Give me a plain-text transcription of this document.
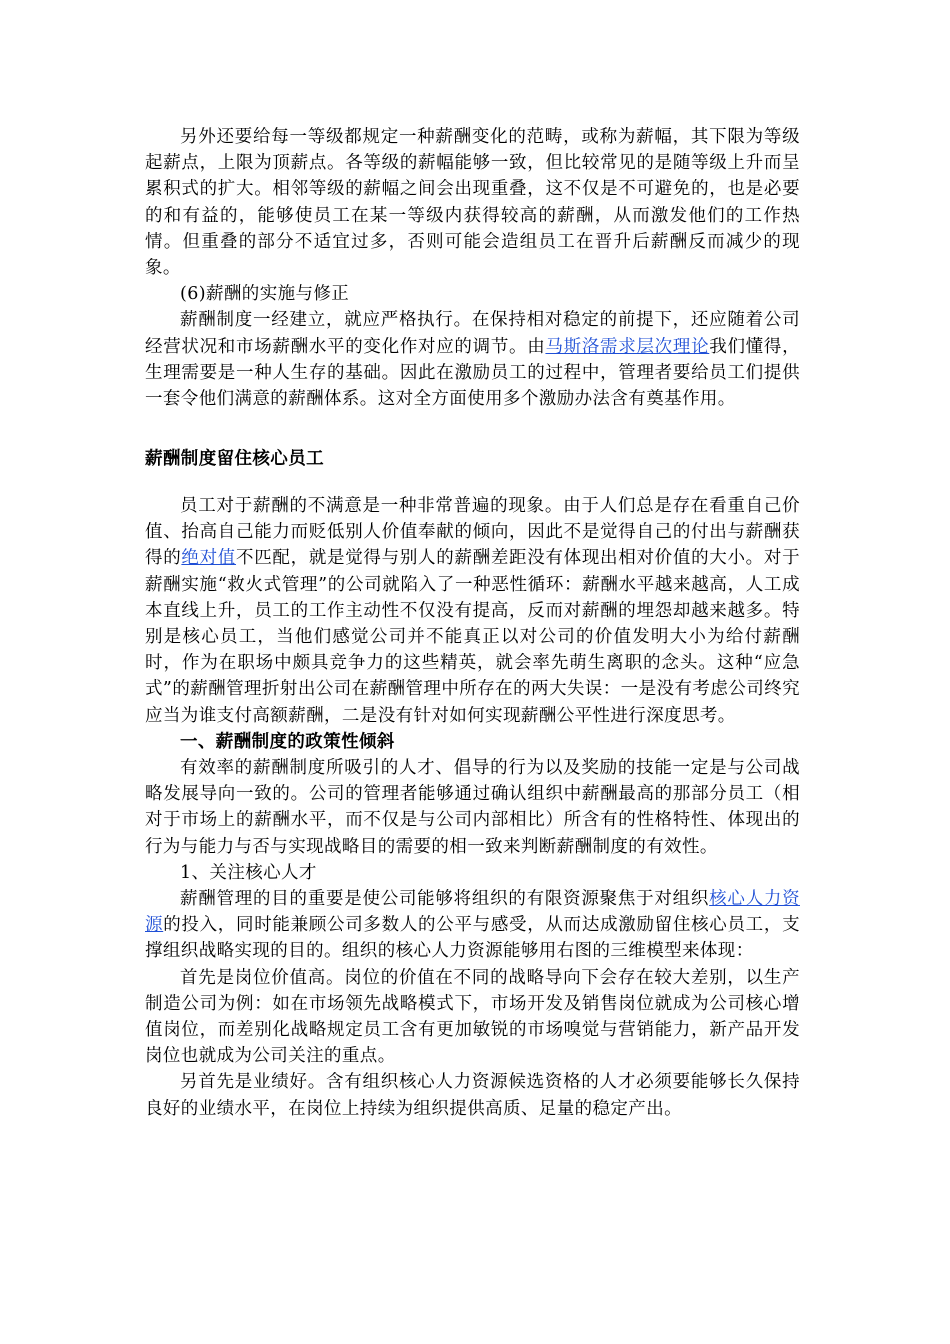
另外还要给每一等级都规定一种薪酬变化的范畴，或称为薪幅，其下限为等级起薪点，上限为顶薪点。各等级的薪幅能够一致，但比较常见的是随等级上升而呈累积式的扩大。相邻等级的薪幅之间会出现重叠，这不仅是不可避免的，也是必要的和有益的，能够使员工在某一等级内获得较高的薪酬，从而激发他们的工作热情。但重叠的部分不适宜过多，否则可能会造组员工在晋升后薪酬反而减少的现象。

(6)薪酬的实施与修正

薪酬制度一经建立，就应严格执行。在保持相对稳定的前提下，还应随着公司经营状况和市场薪酬水平的变化作对应的调节。由马斯洛需求层次理论我们懂得，生理需要是一种人生存的基础。因此在激励员工的过程中，管理者要给员工们提供一套令他们满意的薪酬体系。这对全方面使用多个激励办法含有奠基作用。

薪酬制度留住核心员工

员工对于薪酬的不满意是一种非常普遍的现象。由于人们总是存在看重自己价值、抬高自己能力而贬低别人价值奉献的倾向，因此不是觉得自己的付出与薪酬获得的绝对值不匹配，就是觉得与别人的薪酬差距没有体现出相对价值的大小。对于薪酬实施“救火式管理”的公司就陷入了一种恶性循环：薪酬水平越来越高，人工成本直线上升，员工的工作主动性不仅没有提高，反而对薪酬的埋怨却越来越多。特别是核心员工，当他们感觉公司并不能真正以对公司的价值发明大小为给付薪酬时，作为在职场中颇具竞争力的这些精英，就会率先萌生离职的念头。这种“应急式”的薪酬管理折射出公司在薪酬管理中所存在的两大失误：一是没有考虑公司终究应当为谁支付高额薪酬，二是没有针对如何实现薪酬公平性进行深度思考。

一、薪酬制度的政策性倾斜

有效率的薪酬制度所吸引的人才、倡导的行为以及奖励的技能一定是与公司战略发展导向一致的。公司的管理者能够通过确认组织中薪酬最高的那部分员工（相对于市场上的薪酬水平，而不仅是与公司内部相比）所含有的性格特性、体现出的行为与能力与否与实现战略目的需要的相一致来判断薪酬制度的有效性。

1、关注核心人才

薪酬管理的目的重要是使公司能够将组织的有限资源聚焦于对组织核心人力资源的投入，同时能兼顾公司多数人的公平与感受，从而达成激励留住核心员工，支撑组织战略实现的目的。组织的核心人力资源能够用右图的三维模型来体现：

首先是岗位价值高。岗位的价值在不同的战略导向下会存在较大差别，以生产制造公司为例：如在市场领先战略模式下，市场开发及销售岗位就成为公司核心增值岗位，而差别化战略规定员工含有更加敏锐的市场嗅觉与营销能力，新产品开发岗位也就成为公司关注的重点。

另首先是业绩好。含有组织核心人力资源候选资格的人才必须要能够长久保持良好的业绩水平，在岗位上持续为组织提供高质、足量的稳定产出。
